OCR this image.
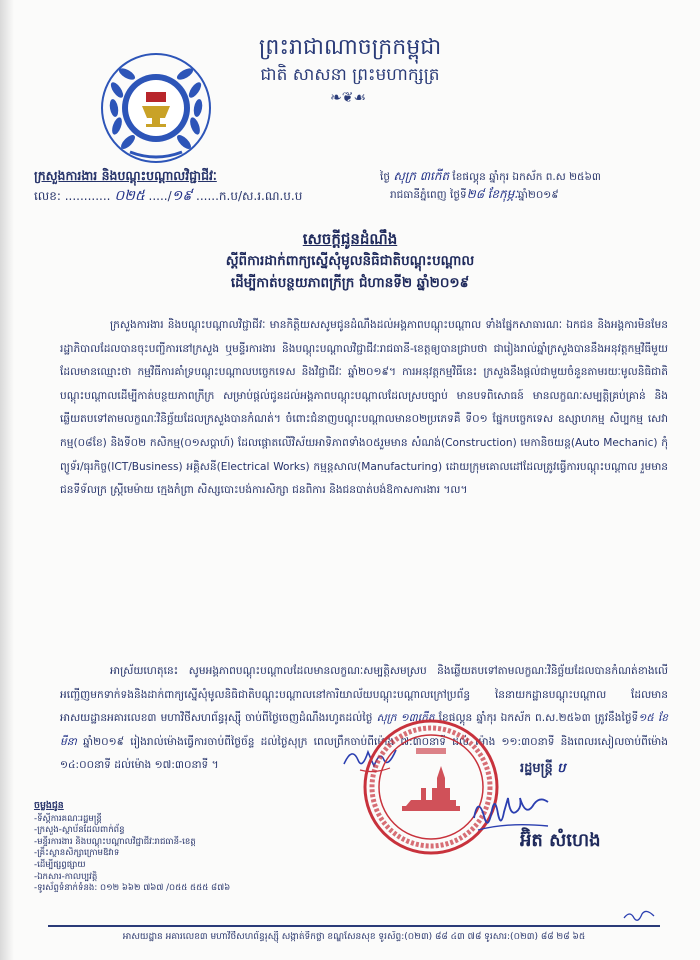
ព្រះរាជាណាចក្រកម្ពុជា
ជាតិ សាសនា ព្រះមហាក្សត្រ
❧❦☙
ក្រសួងការងារ និងបណ្តុះបណ្តាលវិជ្ជាជីវៈ
លេខ: ............ ០២៥ ...../១៩ ......ក.ប/ស.រ.ណ.ប.ប
ថ្ងៃ សុក្រ ៣កើត ខែផល្គុន ឆ្នាំកុរ ឯកស័ក ព.ស ២៥៦៣
រាជធានីភ្នំពេញ ថ្ងៃទី២៨ ខែកុម្ភៈឆ្នាំ២០១៩
សេចក្តីជូនដំណឹង
ស្តីពីការដាក់ពាក្យស្នើសុំមូលនិធិជាតិបណ្តុះបណ្តាល
ដើម្បីកាត់បន្ថយភាពក្រីក្រ ជំហានទី២ ឆ្នាំ២០១៩
ក្រសួងការងារ និងបណ្តុះបណ្តាលវិជ្ជាជីវៈ មានកិត្តិយសសូមជូនដំណឹងដល់អង្គភាពបណ្តុះបណ្តាល ទាំងផ្នែកសាធារណៈ ឯកជន និងអង្គការមិនមែនរដ្ឋាភិបាលដែលបានចុះបញ្ជីការនៅក្រសួង ឬមន្ទីរការងារ និងបណ្តុះបណ្តាលវិជ្ជាជីវៈរាជធានី-ខេត្តឲ្យបានជ្រាបថា ជារៀងរាល់ឆ្នាំក្រសួងបាននឹងអនុវត្តកម្មវិធីមួយដែលមានឈ្មោះថា កម្មវិធីការគាំទ្របណ្តុះបណ្តាលបច្ចេកទេស និងវិជ្ជាជីវៈ ឆ្នាំ២០១៩។ ការអនុវត្តកម្មវិធីនេះ ក្រសួងនឹងផ្តល់ជាមួយចំនួនតាមរយៈមូលនិធិជាតិបណ្តុះបណ្តាលដើម្បីកាត់បន្ថយភាពក្រីក្រ សម្រាប់ផ្តល់ជូនដល់អង្គភាពបណ្តុះបណ្តាលដែលស្របច្បាប់ មានបទពិសោធន៍ មានលក្ខណៈសម្បត្តិគ្រប់គ្រាន់ និងឆ្លើយតបទៅតាមលក្ខណៈវិនិច្ឆ័យដែលក្រសួងបានកំណត់។ ចំពោះជំនាញបណ្តុះបណ្តាលមាន០២ប្រភេទគឺ ទី០១ ផ្នែកបច្ចេកទេស ឧស្សាហកម្ម សិប្បកម្ម សេវាកម្ម(០៨ខែ) និងទី០២ កសិកម្ម(០១សប្តាហ៍) ដែលផ្តោតលើវិស័យអាទិភាពទាំង០៥រួមមាន សំណង់(Construction) មេកានិចយន្ត(Auto Mechanic) កុំព្យូទ័រ/ធុរកិច្ច(ICT/Business) អគ្គិសនី(Electrical Works) កម្មន្តសាល(Manufacturing) ដោយក្រុមគោលដៅដែលត្រូវធ្វើការបណ្តុះបណ្តាល រួមមាន ជនទីទ័លក្រ ស្ត្រីមេម៉ាយ ក្មេងកំព្រា សិស្សបោះបង់ការសិក្សា ជនពិការ និងជនបាត់បង់ឱកាសការងារ ។ល។
អាស្រ័យហេតុនេះ សូមអង្គភាពបណ្តុះបណ្តាលដែលមានលក្ខណៈសម្បត្តិសមស្រប និងឆ្លើយតបទៅតាមលក្ខណៈវិនិច្ឆ័យដែលបានកំណត់ខាងលើ អញ្ជើញមកទាក់ទងនិងដាក់ពាក្យស្នើសុំមូលនិធិជាតិបណ្តុះបណ្តាលនៅការិយាល័យបណ្តុះបណ្តាលក្រៅប្រព័ន្ធ នៃនាយកដ្ឋានបណ្តុះបណ្តាល ដែលមានអាសយដ្ឋានអគារលេខ៣ មហាវិថីសហព័ន្ធរុស្ស៊ី ចាប់ពីថ្ងៃចេញដំណឹងរហូតដល់ថ្ងៃ សុក្រ ១៣កើត ខែផល្គុន ឆ្នាំកុរ ឯកស័ក ព.ស.២៥៦៣ ត្រូវនឹងថ្ងៃទី១៥ ខែមីនា ឆ្នាំ២០១៩ រៀងរាល់ម៉ោងធ្វើការចាប់ពីថ្ងៃច័ន្ទ ដល់ថ្ងៃសុក្រ ពេលព្រឹកចាប់ពីម៉ោង ៧:៣០នាទី ដល់ ម៉ោង ១១:៣០នាទី និងពេលរសៀលចាប់ពីម៉ោង ១៤:០០នាទី ដល់ម៉ោង ១៧:៣០នាទី ។	រដ្ឋមន្ត្រី ប
អ៊ិត សំហេង
ចម្លងជូន
-ទីស្តីការគណៈរដ្ឋមន្ត្រី
-ក្រសួង-ស្ថាប័នដែលពាក់ព័ន្ធ
-មន្ទីរការងារ និងបណ្តុះបណ្តាលវិជ្ជាជីវៈរាជធានី-ខេត្ត
-គ្រឹះស្ថានសិក្សាក្រោមឱវាទ
-ដើម្បីផ្សព្វផ្សាយ
-ឯកសារ-កាលប្បវត្តិ
-ទូរស័ព្ទទំនាក់ទំនង: ០១២ ៦៦២ ៧៦៧ /០៥៥ ៥៥៥ ៨៧៦
អាសយដ្ឋាន អគារលេខ៣ មហាវិថីសហព័ន្ធរុស្ស៊ី សង្កាត់ទឹកថ្លា ខណ្ឌសែនសុខ ទូរស័ព្ទ:(០២៣) ៨៨ ៤៣ ៧៨ ទូរសារ:(០២៣) ៨៨ ២៨ ៦៥
